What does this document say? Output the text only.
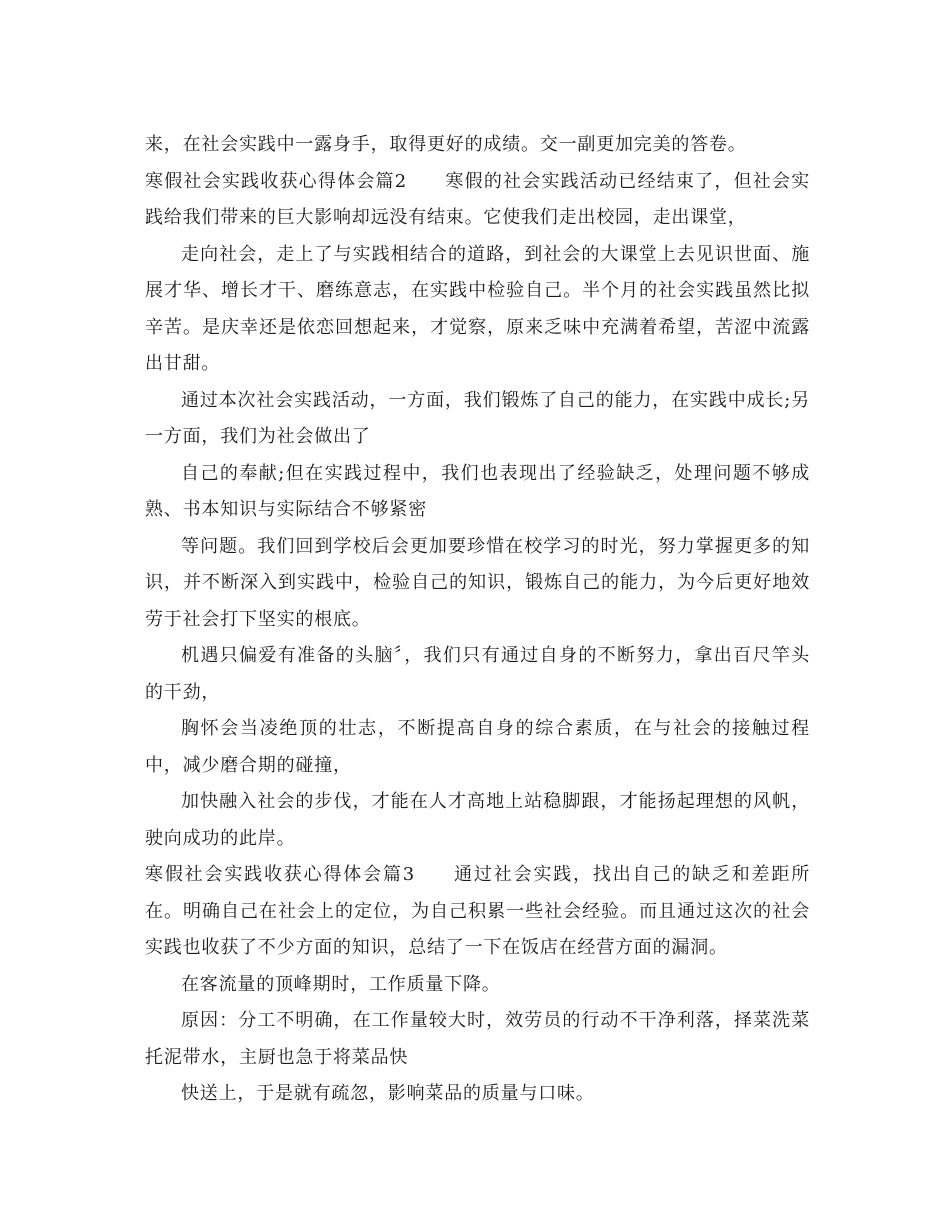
来，在社会实践中一露身手，取得更好的成绩。交一副更加完美的答卷。

寒假社会实践收获心得体会篇2 寒假的社会实践活动已经结束了，但社会实践给我们带来的巨大影响却远没有结束。它使我们走出校园，走出课堂，

走向社会，走上了与实践相结合的道路，到社会的大课堂上去见识世面、施展才华、增长才干、磨练意志，在实践中检验自己。半个月的社会实践虽然比拟辛苦。是庆幸还是依恋回想起来，才觉察，原来乏味中充满着希望，苦涩中流露出甘甜。

通过本次社会实践活动，一方面，我们锻炼了自己的能力，在实践中成长;另一方面，我们为社会做出了

自己的奉献;但在实践过程中，我们也表现出了经验缺乏，处理问题不够成熟、书本知识与实际结合不够紧密

等问题。我们回到学校后会更加要珍惜在校学习的时光，努力掌握更多的知识，并不断深入到实践中，检验自己的知识，锻炼自己的能力，为今后更好地效劳于社会打下坚实的根底。

机遇只偏爱有准备的头脑〞，我们只有通过自身的不断努力，拿出百尺竿头的干劲，

胸怀会当凌绝顶的壮志，不断提高自身的综合素质，在与社会的接触过程中，减少磨合期的碰撞，

加快融入社会的步伐，才能在人才高地上站稳脚跟，才能扬起理想的风帆，驶向成功的此岸。

寒假社会实践收获心得体会篇3 通过社会实践，找出自己的缺乏和差距所在。明确自己在社会上的定位，为自己积累一些社会经验。而且通过这次的社会实践也收获了不少方面的知识，总结了一下在饭店在经营方面的漏洞。

在客流量的顶峰期时，工作质量下降。

原因：分工不明确，在工作量较大时，效劳员的行动不干净利落，择菜洗菜托泥带水，主厨也急于将菜品快

快送上，于是就有疏忽，影响菜品的质量与口味。
